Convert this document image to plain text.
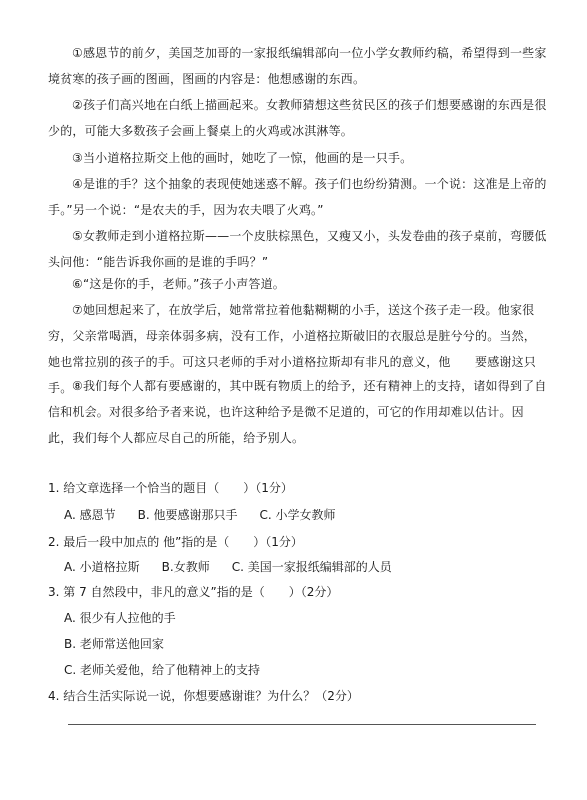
①感恩节的前夕，美国芝加哥的一家报纸编辑部向一位小学女教师约稿，希望得到一些家境贫寒的孩子画的图画，图画的内容是：他想感谢的东西。

②孩子们高兴地在白纸上描画起来。女教师猜想这些贫民区的孩子们想要感谢的东西是很少的，可能大多数孩子会画上餐桌上的火鸡或冰淇淋等。

③当小道格拉斯交上他的画时，她吃了一惊，他画的是一只手。

④是谁的手？这个抽象的表现使她迷惑不解。孩子们也纷纷猜测。一个说：这准是上帝的手。”另一个说：“是农夫的手，因为农夫喂了火鸡。”

⑤女教师走到小道格拉斯——一个皮肤棕黑色，又瘦又小，头发卷曲的孩子桌前，弯腰低头问他：“能告诉我你画的是谁的手吗？”

⑥“这是你的手，老师。”孩子小声答道。

⑦她回想起来了，在放学后，她常常拉着他黏糊糊的小手，送这个孩子走一段。他家很穷，父亲常喝酒，母亲体弱多病，没有工作，小道格拉斯破旧的衣服总是脏兮兮的。当然，她也常拉别的孩子的手。可这只老师的手对小道格拉斯却有非凡的意义，他　　要感谢这只手。 ⑧我们每个人都有要感谢的，其中既有物质上的给予，还有精神上的支持，诸如得到了自信和机会。对很多给予者来说，也许这种给予是微不足道的，可它的作用却难以估计。因此，我们每个人都应尽自己的所能，给予别人。

1. 给文章选择一个恰当的题目（　　）（1分）

A. 感恩节 B. 他要感谢那只手 C. 小学女教师

2. 最后一段中加点的 他”指的是（　　）（1分）

A. 小道格拉斯 B.女教师 C. 美国一家报纸编辑部的人员

3. 第 7 自然段中，非凡的意义”指的是（　　）（2分）

A. 很少有人拉他的手

B. 老师常送他回家

C. 老师关爱他，给了他精神上的支持

4. 结合生活实际说一说，你想要感谢谁？为什么？（2分）
